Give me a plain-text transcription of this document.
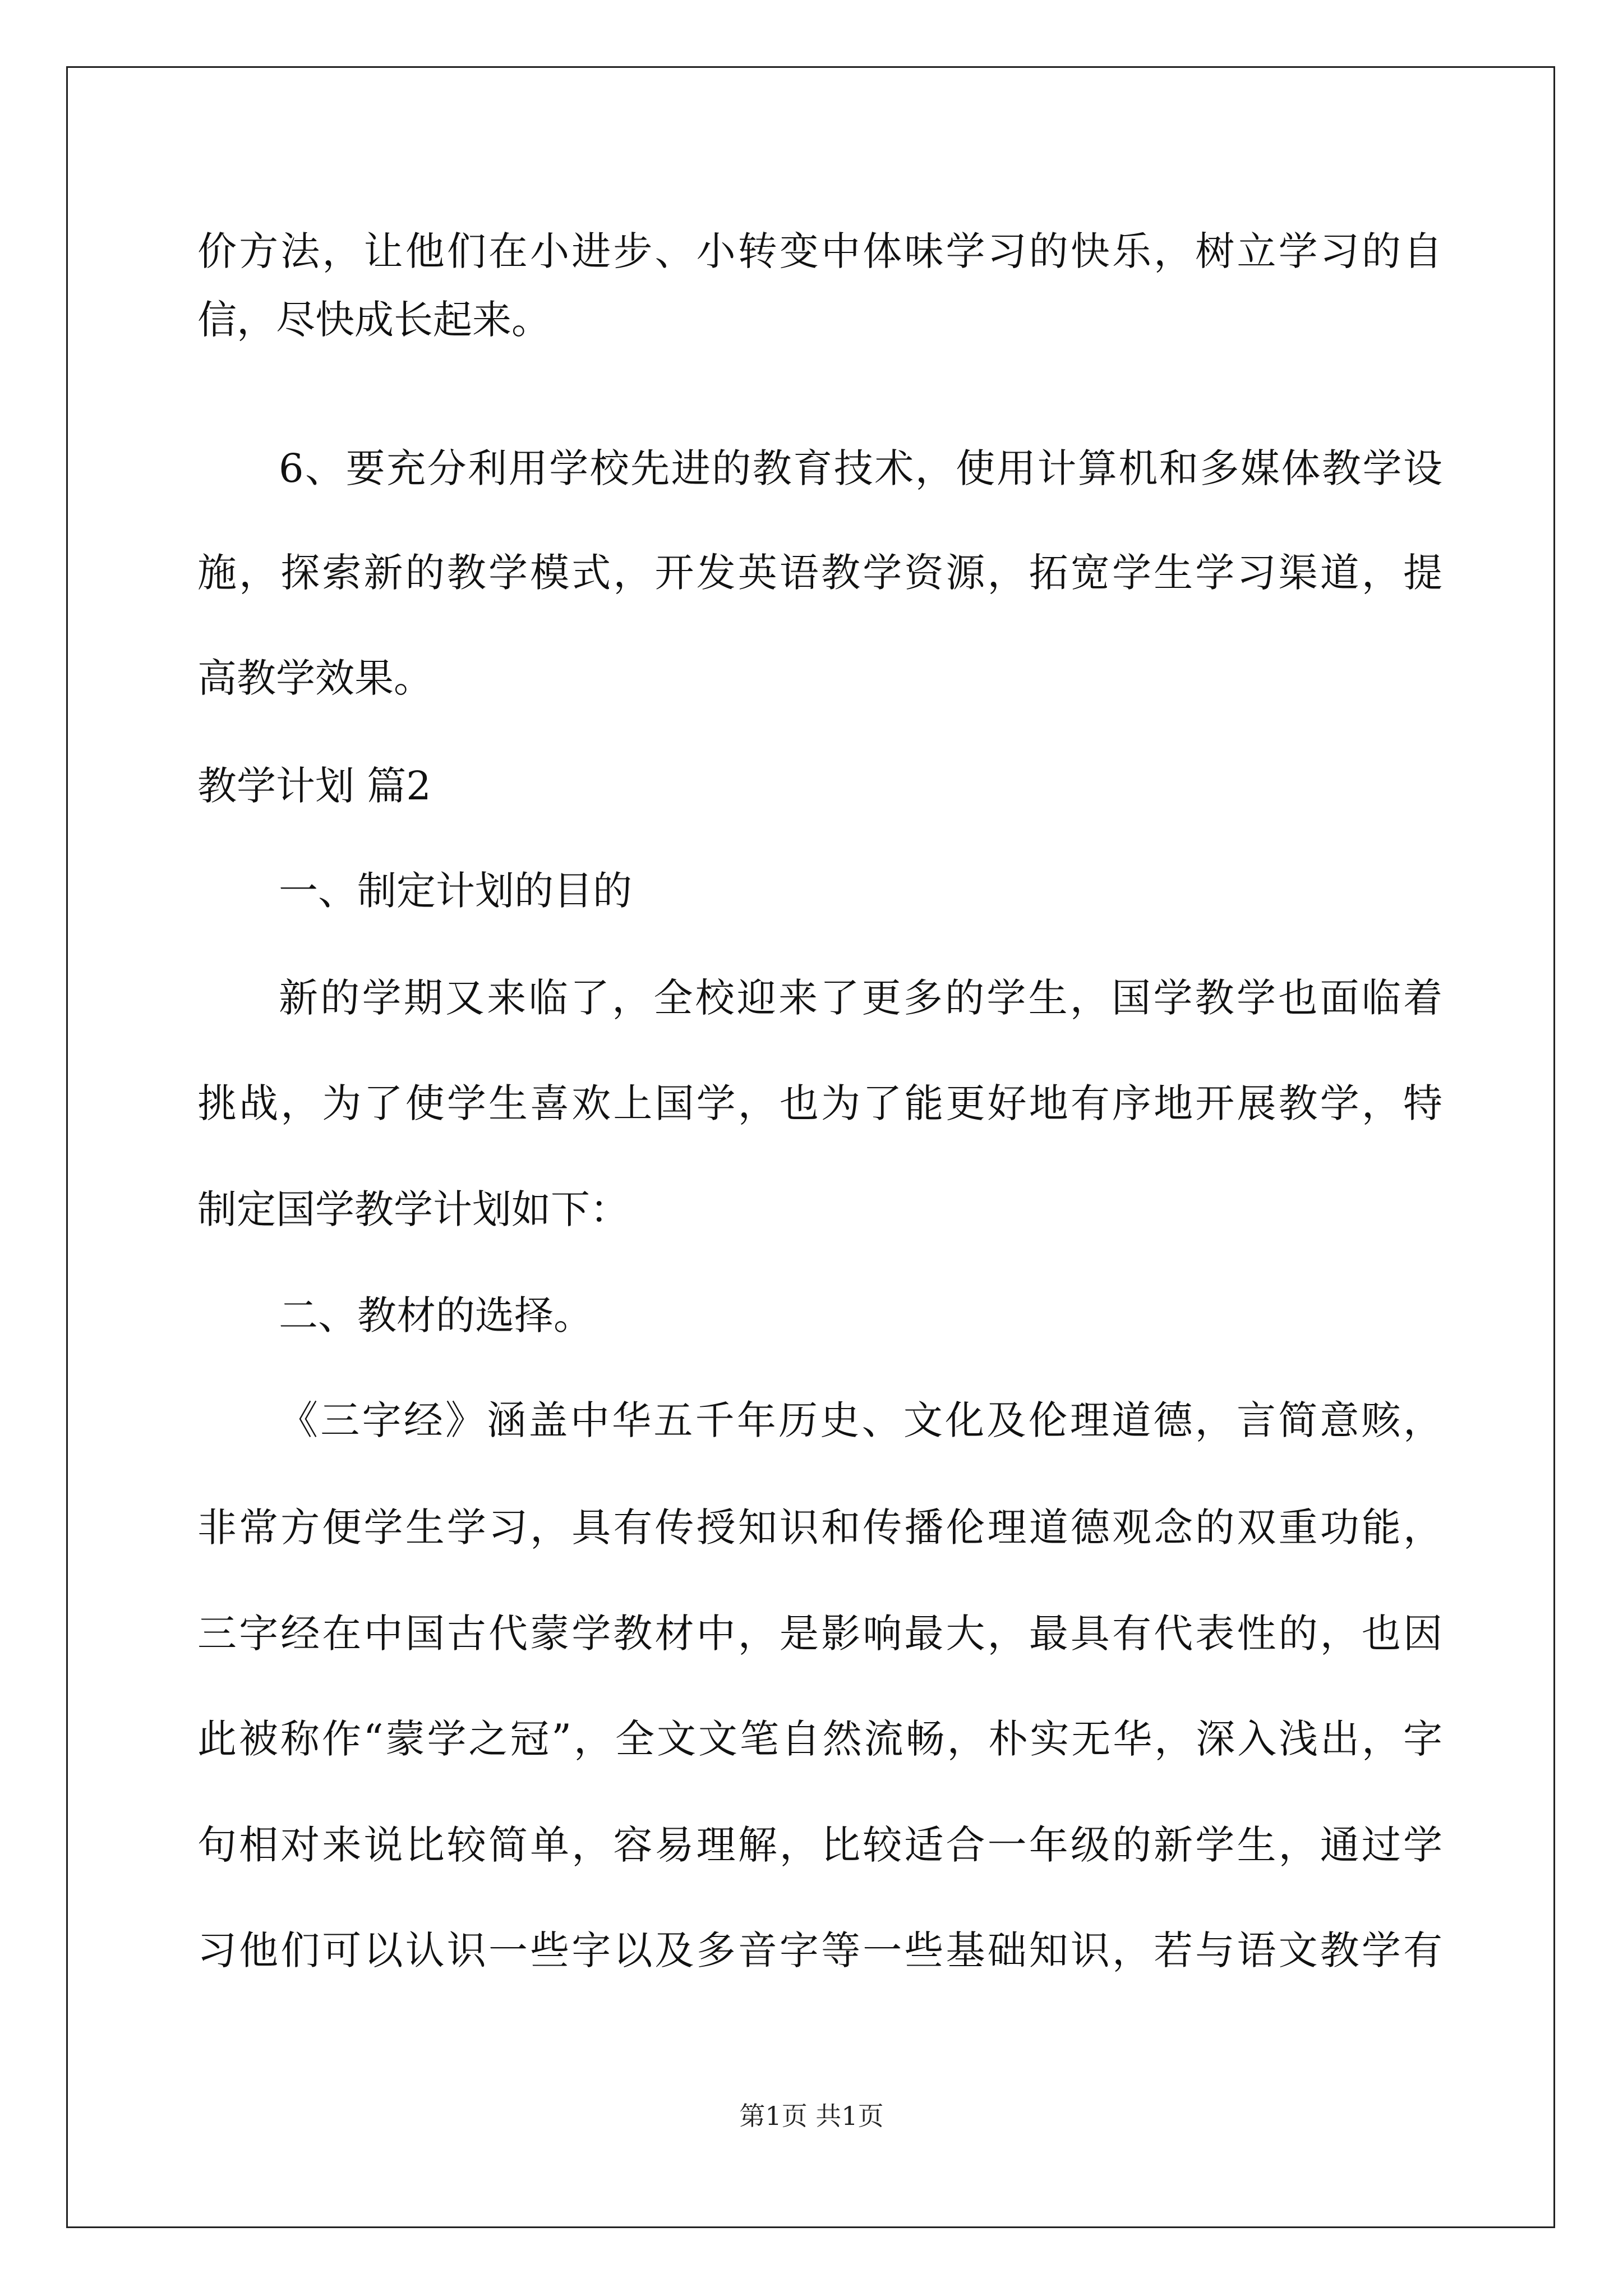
价方法，让他们在小进步、小转变中体味学习的快乐，树立学习的自

信，尽快成长起来。

6、要充分利用学校先进的教育技术，使用计算机和多媒体教学设

施，探索新的教学模式，开发英语教学资源，拓宽学生学习渠道，提

高教学效果。

教学计划 篇2

一、制定计划的目的

新的学期又来临了，全校迎来了更多的学生，国学教学也面临着

挑战，为了使学生喜欢上国学，也为了能更好地有序地开展教学，特

制定国学教学计划如下：

二、教材的选择。

《三字经》涵盖中华五千年历史、文化及伦理道德，言简意赅，

非常方便学生学习，具有传授知识和传播伦理道德观念的双重功能，

三字经在中国古代蒙学教材中，是影响最大，最具有代表性的，也因

此被称作“蒙学之冠”，全文文笔自然流畅，朴实无华，深入浅出，字

句相对来说比较简单，容易理解，比较适合一年级的新学生，通过学

习他们可以认识一些字以及多音字等一些基础知识，若与语文教学有

第1页 共1页
